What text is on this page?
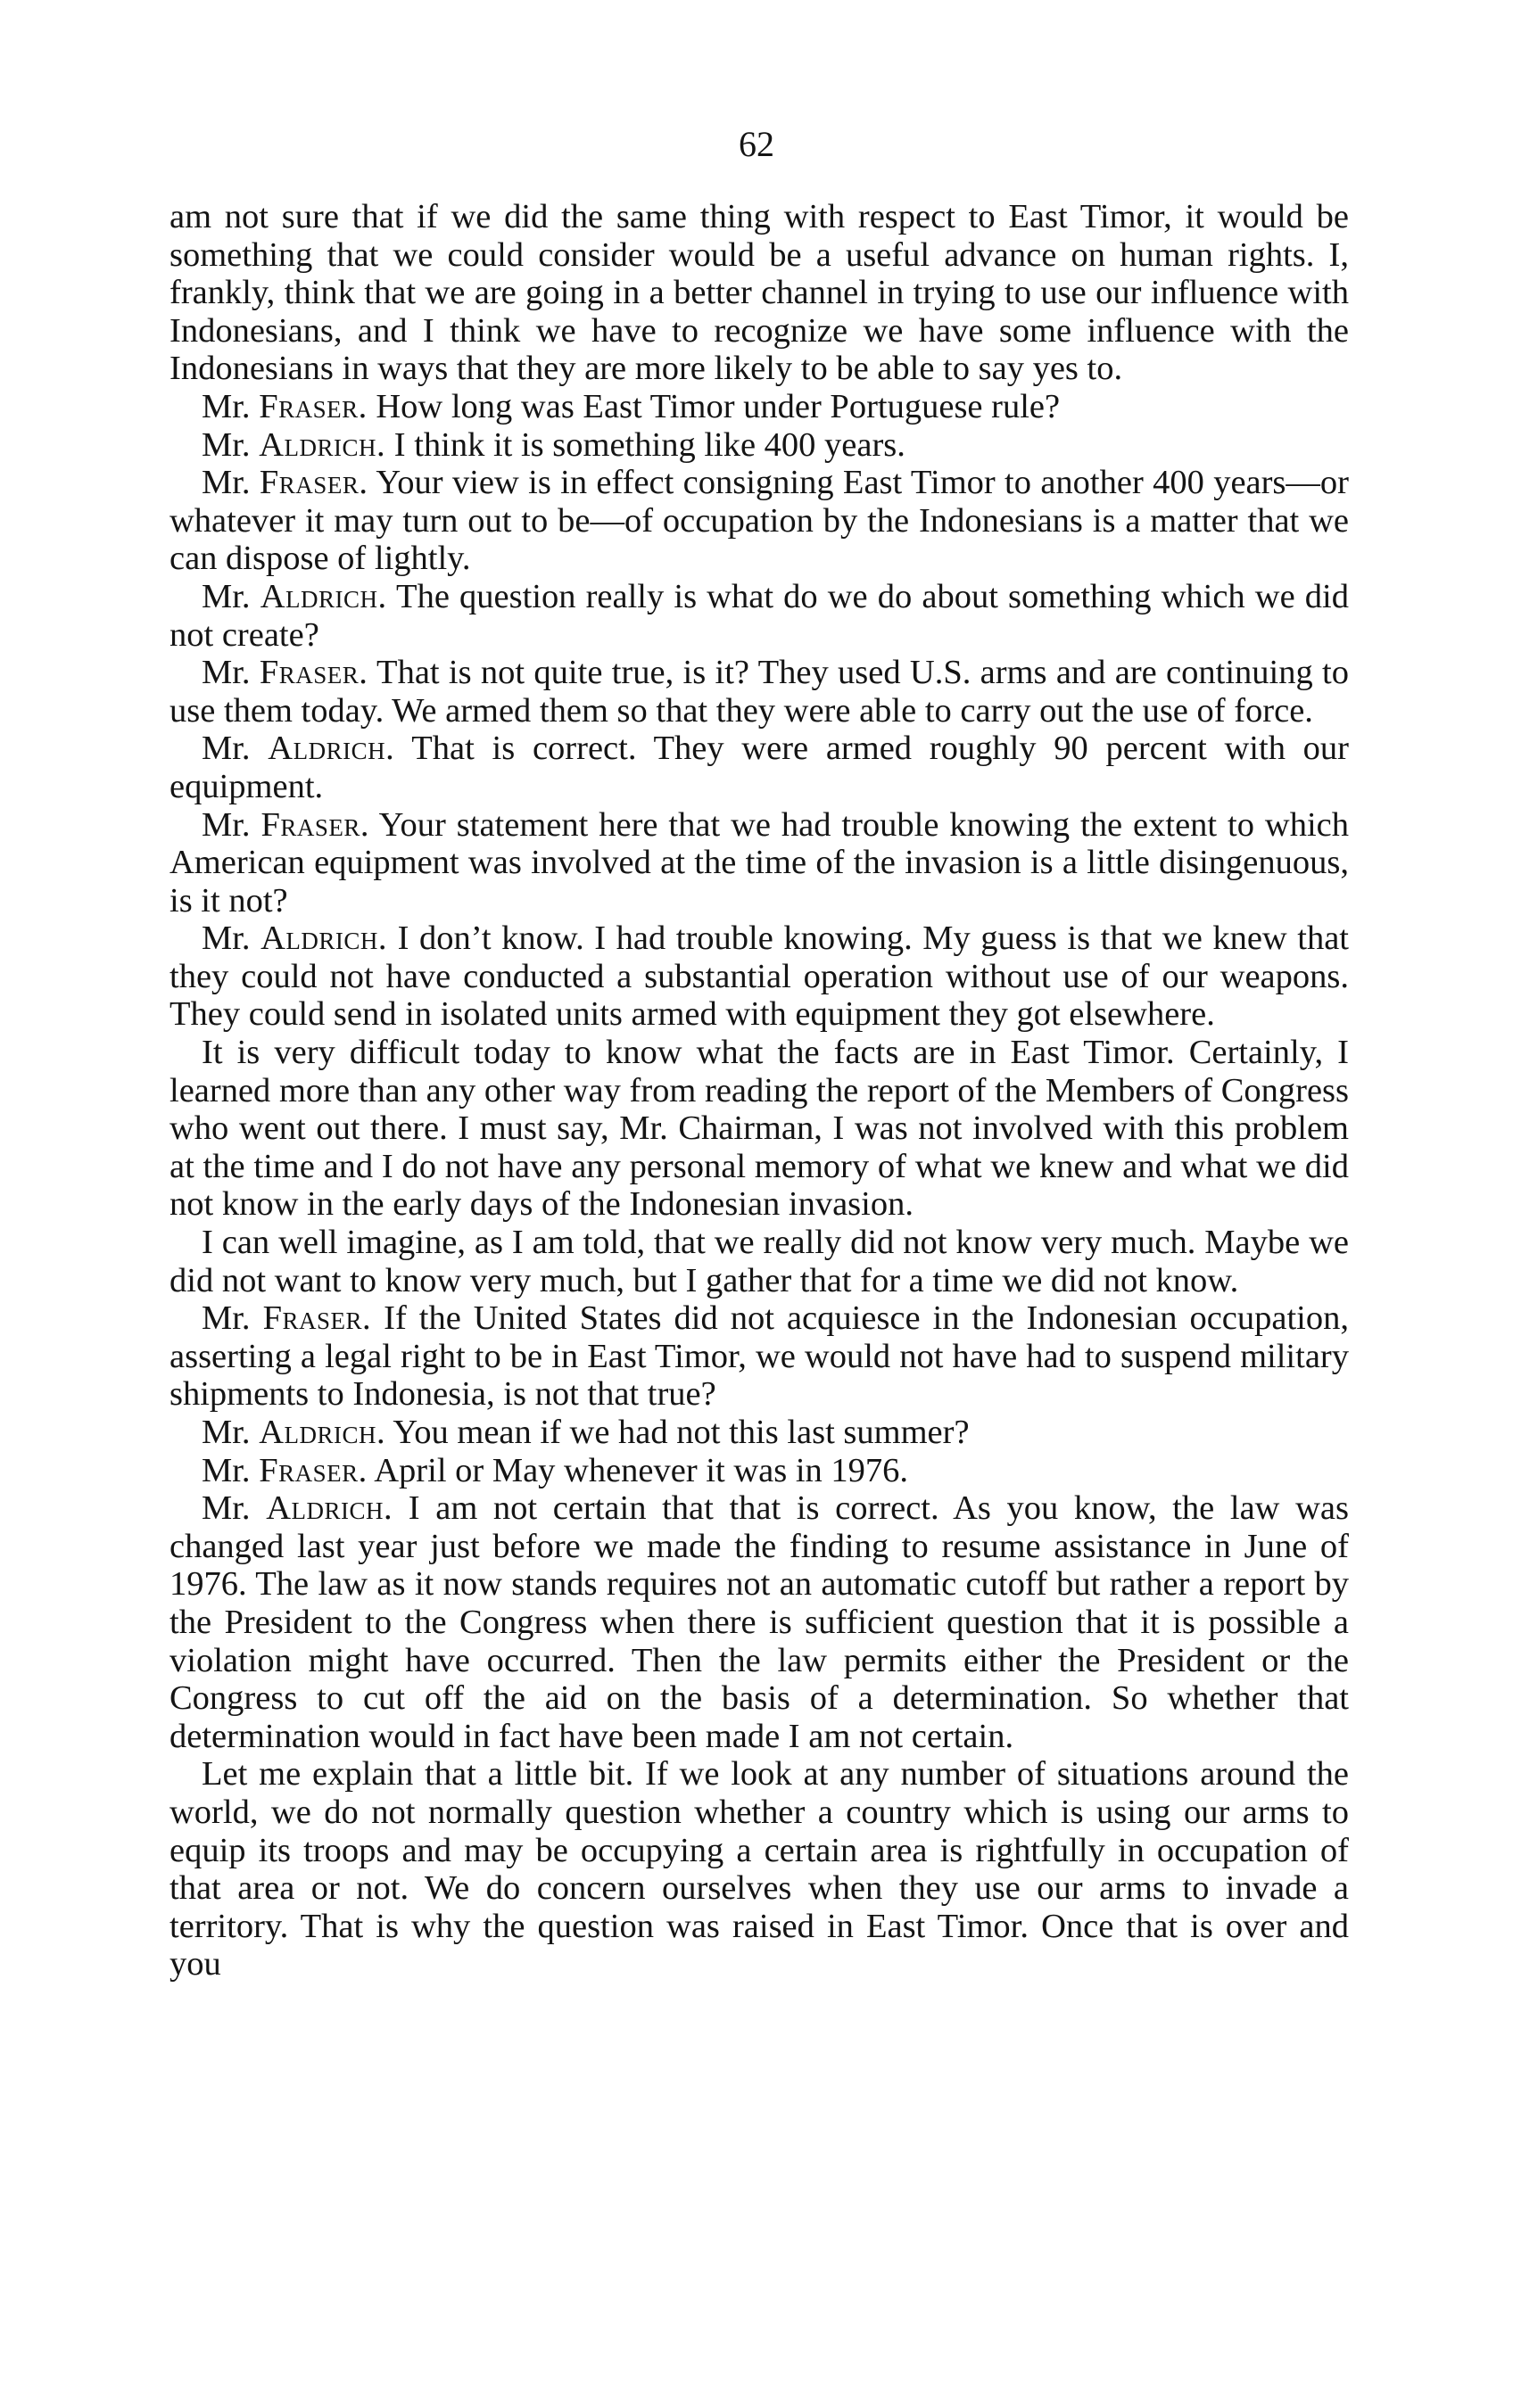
62

am not sure that if we did the same thing with respect to East Timor, it would be something that we could consider would be a useful advance on human rights. I, frankly, think that we are going in a better channel in trying to use our influence with Indonesians, and I think we have to recognize we have some influence with the Indonesians in ways that they are more likely to be able to say yes to.

Mr. Fraser. How long was East Timor under Portuguese rule?

Mr. Aldrich. I think it is something like 400 years.

Mr. Fraser. Your view is in effect consigning East Timor to another 400 years—or whatever it may turn out to be—of occupation by the Indonesians is a matter that we can dispose of lightly.

Mr. Aldrich. The question really is what do we do about something which we did not create?

Mr. Fraser. That is not quite true, is it? They used U.S. arms and are continuing to use them today. We armed them so that they were able to carry out the use of force.

Mr. Aldrich. That is correct. They were armed roughly 90 percent with our equipment.

Mr. Fraser. Your statement here that we had trouble knowing the extent to which American equipment was involved at the time of the invasion is a little disingenuous, is it not?

Mr. Aldrich. I don’t know. I had trouble knowing. My guess is that we knew that they could not have conducted a substantial operation without use of our weapons. They could send in isolated units armed with equipment they got elsewhere.

It is very difficult today to know what the facts are in East Timor. Certainly, I learned more than any other way from reading the report of the Members of Congress who went out there. I must say, Mr. Chairman, I was not involved with this problem at the time and I do not have any personal memory of what we knew and what we did not know in the early days of the Indonesian invasion.

I can well imagine, as I am told, that we really did not know very much. Maybe we did not want to know very much, but I gather that for a time we did not know.

Mr. Fraser. If the United States did not acquiesce in the Indonesian occupation, asserting a legal right to be in East Timor, we would not have had to suspend military shipments to Indonesia, is not that true?

Mr. Aldrich. You mean if we had not this last summer?

Mr. Fraser. April or May whenever it was in 1976.

Mr. Aldrich. I am not certain that that is correct. As you know, the law was changed last year just before we made the finding to resume assistance in June of 1976. The law as it now stands requires not an automatic cutoff but rather a report by the President to the Congress when there is sufficient question that it is possible a violation might have occurred. Then the law permits either the President or the Congress to cut off the aid on the basis of a determination. So whether that determination would in fact have been made I am not certain.

Let me explain that a little bit. If we look at any number of situations around the world, we do not normally question whether a country which is using our arms to equip its troops and may be occupying a certain area is rightfully in occupation of that area or not. We do concern ourselves when they use our arms to invade a territory. That is why the question was raised in East Timor. Once that is over and you
